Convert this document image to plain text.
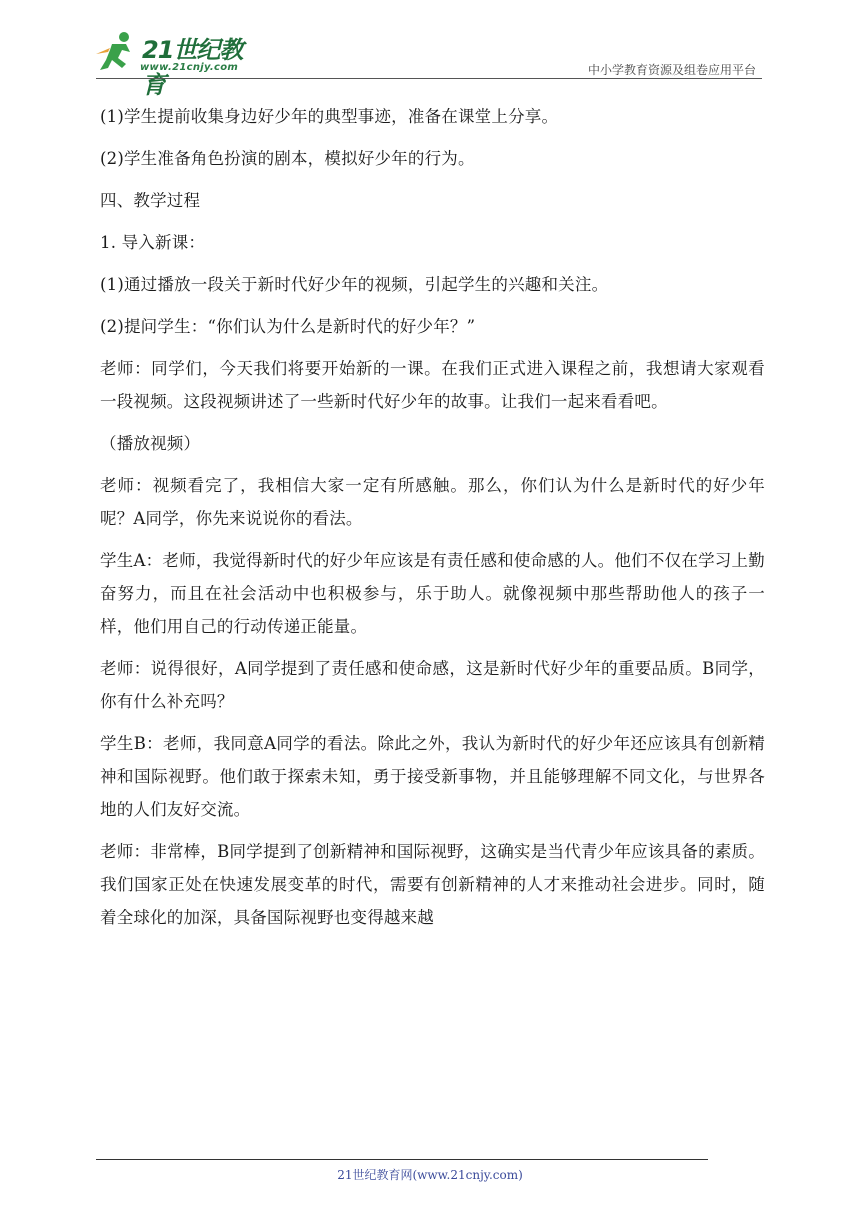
21世纪教育
www.21cnjy.com	中小学教育资源及组卷应用平台

(1)学生提前收集身边好少年的典型事迹，准备在课堂上分享。

(2)学生准备角色扮演的剧本，模拟好少年的行为。

四、教学过程

1. 导入新课：

(1)通过播放一段关于新时代好少年的视频，引起学生的兴趣和关注。

(2)提问学生：“你们认为什么是新时代的好少年？”

老师：同学们，今天我们将要开始新的一课。在我们正式进入课程之前，我想请大家观看一段视频。这段视频讲述了一些新时代好少年的故事。让我们一起来看看吧。

（播放视频）

老师：视频看完了，我相信大家一定有所感触。那么，你们认为什么是新时代的好少年呢？A同学，你先来说说你的看法。

学生A：老师，我觉得新时代的好少年应该是有责任感和使命感的人。他们不仅在学习上勤奋努力，而且在社会活动中也积极参与，乐于助人。就像视频中那些帮助他人的孩子一样，他们用自己的行动传递正能量。

老师：说得很好，A同学提到了责任感和使命感，这是新时代好少年的重要品质。B同学，你有什么补充吗？

学生B：老师，我同意A同学的看法。除此之外，我认为新时代的好少年还应该具有创新精神和国际视野。他们敢于探索未知，勇于接受新事物，并且能够理解不同文化，与世界各地的人们友好交流。

老师：非常棒，B同学提到了创新精神和国际视野，这确实是当代青少年应该具备的素质。我们国家正处在快速发展变革的时代，需要有创新精神的人才来推动社会进步。同时，随着全球化的加深，具备国际视野也变得越来越

21世纪教育网(www.21cnjy.com)
